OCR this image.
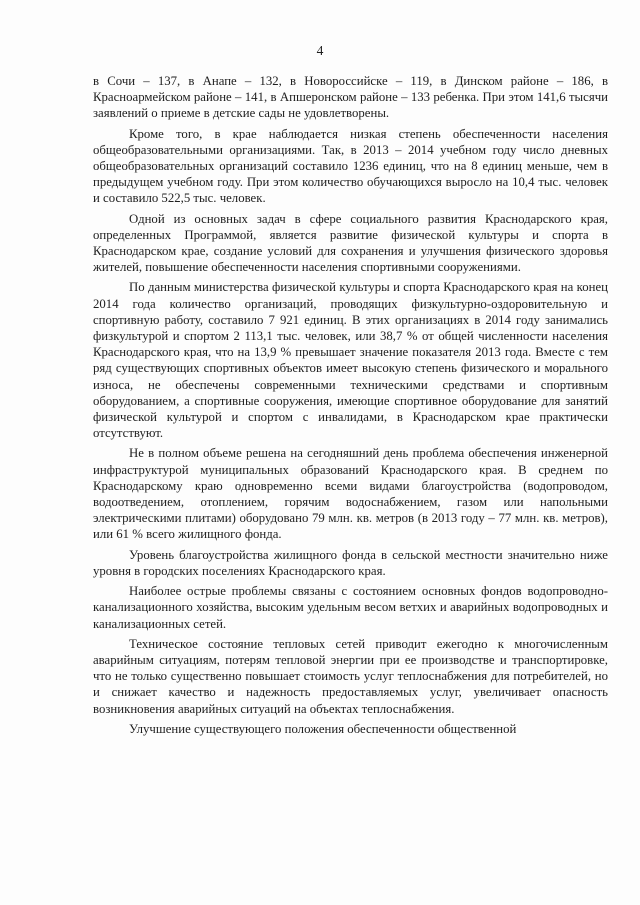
4

в Сочи – 137, в Анапе – 132, в Новороссийске – 119, в Динском районе – 186, в Красноармейском районе – 141, в Апшеронском районе – 133 ребенка. При этом 141,6 тысячи заявлений о приеме в детские сады не удовлетворены.

Кроме того, в крае наблюдается низкая степень обеспеченности населения общеобразовательными организациями. Так, в 2013 – 2014 учебном году число дневных общеобразовательных организаций составило 1236 единиц, что на 8 единиц меньше, чем в предыдущем учебном году. При этом количество обучающихся выросло на 10,4 тыс. человек и составило 522,5 тыс. человек.

Одной из основных задач в сфере социального развития Краснодарского края, определенных Программой, является развитие физической культуры и спорта в Краснодарском крае, создание условий для сохранения и улучшения физического здоровья жителей, повышение обеспеченности населения спортивными сооружениями.

По данным министерства физической культуры и спорта Краснодарского края на конец 2014 года количество организаций, проводящих физкультурно-оздоровительную и спортивную работу, составило 7 921 единиц. В этих организациях в 2014 году занимались физкультурой и спортом 2 113,1 тыс. человек, или 38,7 % от общей численности населения Краснодарского края, что на 13,9 % превышает значение показателя 2013 года. Вместе с тем ряд существующих спортивных объектов имеет высокую степень физического и морального износа, не обеспечены современными техническими средствами и спортивным оборудованием, а спортивные сооружения, имеющие спортивное оборудование для занятий физической культурой и спортом с инвалидами, в Краснодарском крае практически отсутствуют.

Не в полном объеме решена на сегодняшний день проблема обеспечения инженерной инфраструктурой муниципальных образований Краснодарского края. В среднем по Краснодарскому краю одновременно всеми видами благоустройства (водопроводом, водоотведением, отоплением, горячим водоснабжением, газом или напольными электрическими плитами) оборудовано 79 млн. кв. метров (в 2013 году – 77 млн. кв. метров), или 61 % всего жилищного фонда.

Уровень благоустройства жилищного фонда в сельской местности значительно ниже уровня в городских поселениях Краснодарского края.

Наиболее острые проблемы связаны с состоянием основных фондов водопроводно-канализационного хозяйства, высоким удельным весом ветхих и аварийных водопроводных и канализационных сетей.

Техническое состояние тепловых сетей приводит ежегодно к многочисленным аварийным ситуациям, потерям тепловой энергии при ее производстве и транспортировке, что не только существенно повышает стоимость услуг теплоснабжения для потребителей, но и снижает качество и надежность предоставляемых услуг, увеличивает опасность возникновения аварийных ситуаций на объектах теплоснабжения.

Улучшение существующего положения обеспеченности общественной
